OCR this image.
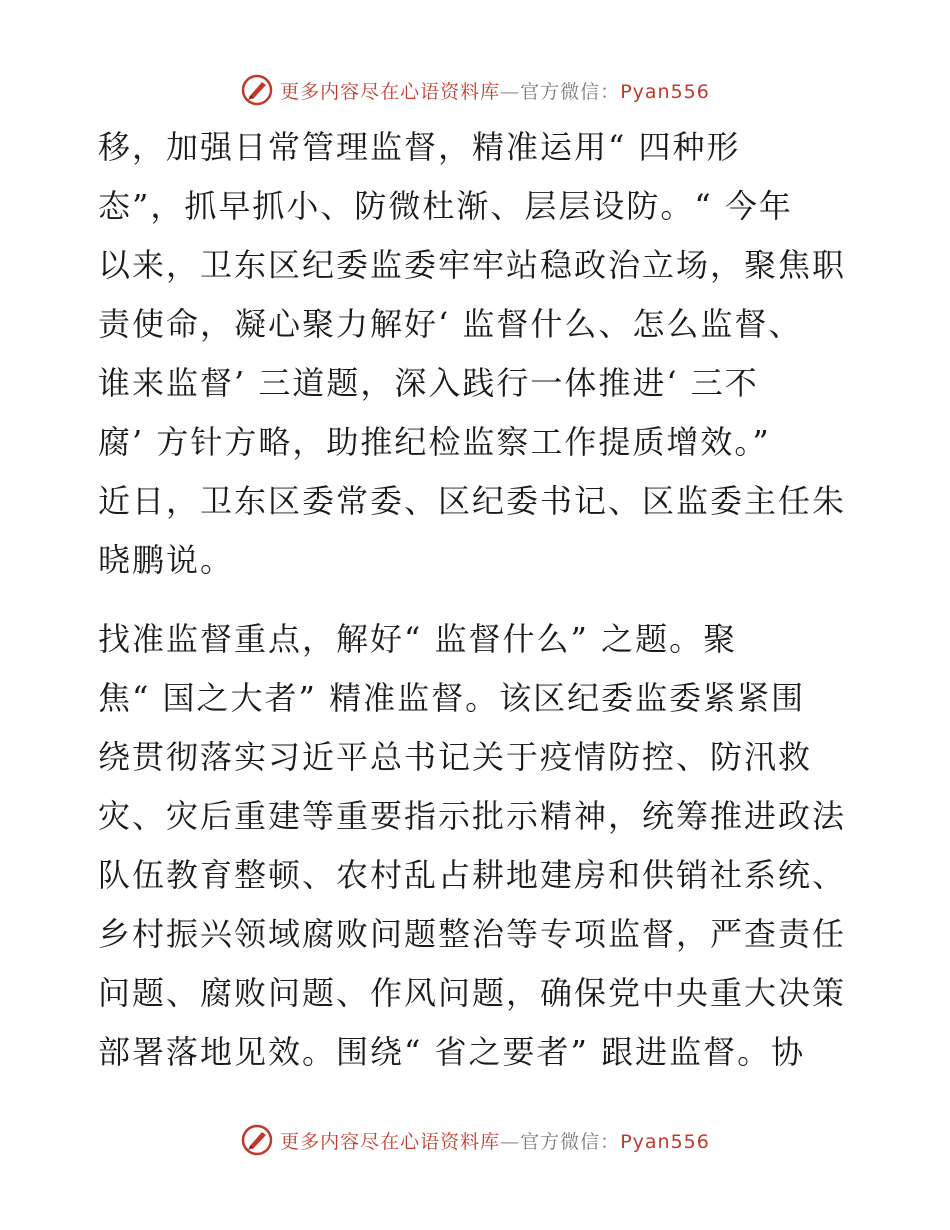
更多内容尽在心语资料库—官方微信：Pyan556
移，加强日常管理监督，精准运用“ 四种形
态”，抓早抓小、防微杜渐、层层设防。“ 今年
以来，卫东区纪委监委牢牢站稳政治立场，聚焦职
责使命，凝心聚力解好‘ 监督什么、怎么监督、
谁来监督’ 三道题，深入践行一体推进‘ 三不
腐’ 方针方略，助推纪检监察工作提质增效。”
近日，卫东区委常委、区纪委书记、区监委主任朱
晓鹏说。
找准监督重点，解好“ 监督什么” 之题。聚
焦“ 国之大者” 精准监督。该区纪委监委紧紧围
绕贯彻落实习近平总书记关于疫情防控、防汛救
灾、灾后重建等重要指示批示精神，统筹推进政法
队伍教育整顿、农村乱占耕地建房和供销社系统、
乡村振兴领域腐败问题整治等专项监督，严查责任
问题、腐败问题、作风问题，确保党中央重大决策
部署落地见效。围绕“ 省之要者” 跟进监督。协
更多内容尽在心语资料库—官方微信：Pyan556
